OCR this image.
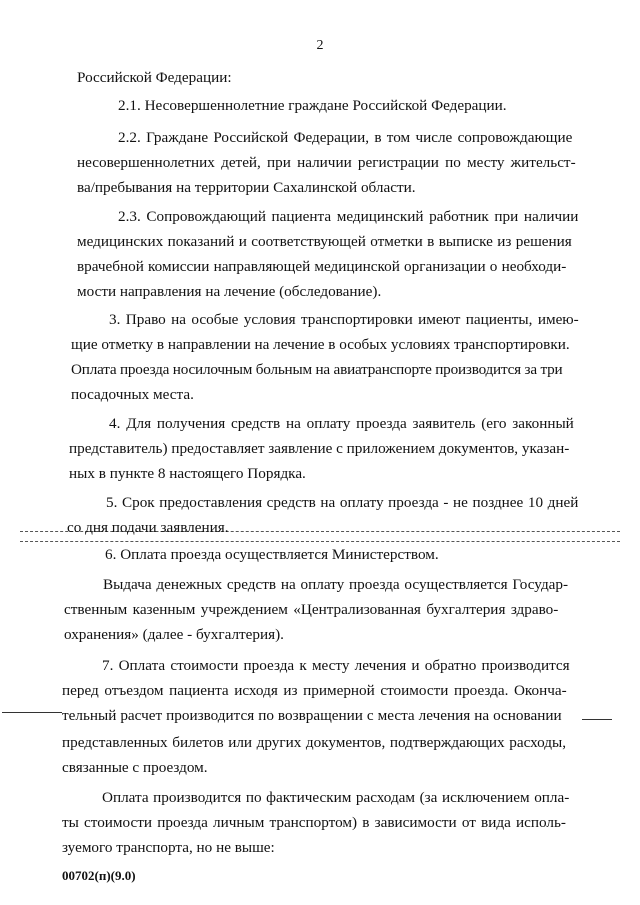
2
Российской Федерации:
2.1. Несовершеннолетние граждане Российской Федерации.
2.2. Граждане Российской Федерации, в том числе сопровождающие
несовершеннолетних детей, при наличии регистрации по месту жительст-
ва/пребывания на территории Сахалинской области.
2.3. Сопровождающий пациента медицинский работник при наличии
медицинских показаний и соответствующей отметки в выписке из решения
врачебной комиссии направляющей медицинской организации о необходи-
мости направления на лечение (обследование).
3. Право на особые условия транспортировки имеют пациенты, имею-
щие отметку в направлении на лечение в особых условиях транспортировки.
Оплата проезда носилочным больным на авиатранспорте производится за три
посадочных места.
4. Для получения средств на оплату проезда заявитель (его законный
представитель) предоставляет заявление с приложением документов, указан-
ных в пункте 8 настоящего Порядка.
5. Срок предоставления средств на оплату проезда - не позднее 10 дней
со дня подачи заявления.
6. Оплата проезда осуществляется Министерством.
Выдача денежных средств на оплату проезда осуществляется Государ-
ственным казенным учреждением «Централизованная бухгалтерия здраво-
охранения» (далее - бухгалтерия).
7. Оплата стоимости проезда к месту лечения и обратно производится
перед отъездом пациента исходя из примерной стоимости проезда. Оконча-
тельный расчет производится по возвращении с места лечения на основании
представленных билетов или других документов, подтверждающих расходы,
связанные с проездом.
Оплата производится по фактическим расходам (за исключением опла-
ты стоимости проезда личным транспортом) в зависимости от вида исполь-
зуемого транспорта, но не выше:
00702(п)(9.0)
